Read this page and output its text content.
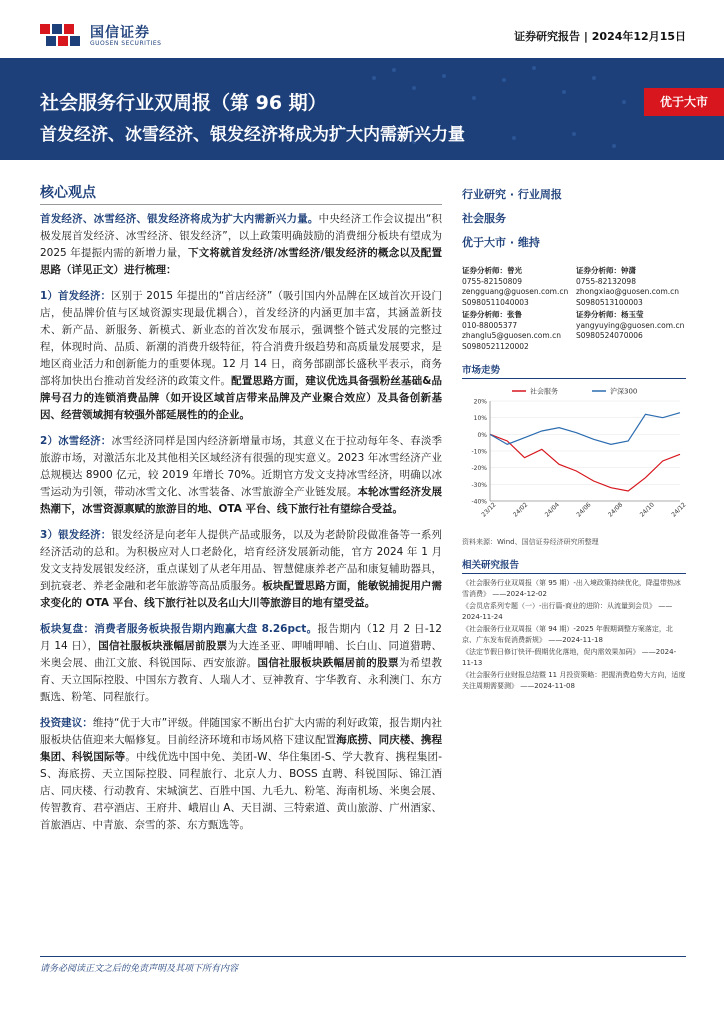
国信证券
GUOSEN SECURITIES
证券研究报告 | 2024年12月15日
社会服务行业双周报（第 96 期）
首发经济、冰雪经济、银发经济将成为扩大内需新兴力量
优于大市
核心观点

首发经济、冰雪经济、银发经济将成为扩大内需新兴力量。中央经济工作会议提出“积极发展首发经济、冰雪经济、银发经济”，以上政策明确鼓励的消费细分板块有望成为 2025 年提振内需的新增力量，下文将就首发经济/冰雪经济/银发经济的概念以及配置思路（详见正文）进行梳理：

1）首发经济：区别于 2015 年提出的“首店经济”（吸引国内外品牌在区域首次开设门店，使品牌价值与区域资源实现最优耦合），首发经济的内涵更加丰富，其涵盖新技术、新产品、新服务、新模式、新业态的首次发布展示，强调整个链式发展的完整过程，体现时尚、品质、新潮的消费升级特征，符合消费升级趋势和高质量发展要求，是地区商业活力和创新能力的重要体现。12 月 14 日，商务部副部长盛秋平表示，商务部将加快出台推动首发经济的政策文件。配置思路方面，建议优选具备强粉丝基础&品牌号召力的连锁消费品牌（如开设区域首店带来品牌及产业聚合效应）及具备创新基因、经营领域拥有较强外部延展性的的企业。

2）冰雪经济：冰雪经济同样是国内经济新增量市场，其意义在于拉动每年冬、春淡季旅游市场，对激活东北及其他相关区域经济有很强的现实意义。2023 年冰雪经济产业总规模达 8900 亿元，较 2019 年增长 70%。近期官方发文支持冰雪经济，明确以冰雪运动为引领，带动冰雪文化、冰雪装备、冰雪旅游全产业链发展。本轮冰雪经济发展热潮下，冰雪资源禀赋的旅游目的地、OTA 平台、线下旅行社有望综合受益。

3）银发经济：银发经济是向老年人提供产品或服务，以及为老龄阶段做准备等一系列经济活动的总和。为积极应对人口老龄化，培育经济发展新动能，官方 2024 年 1 月发文支持发展银发经济，重点谋划了从老年用品、智慧健康养老产品和康复辅助器具，到抗衰老、养老金融和老年旅游等高品质服务。板块配置思路方面，能敏锐捕捉用户需求变化的 OTA 平台、线下旅行社以及名山大川等旅游目的地有望受益。

板块复盘：消费者服务板块报告期内跑赢大盘 8.26pct。报告期内（12 月 2 日-12 月 14 日），国信社服板块涨幅居前股票为大连圣亚、呷哺呷哺、长白山、同道猎聘、米奥会展、曲江文旅、科锐国际、西安旅游。国信社服板块跌幅居前的股票为希望教育、天立国际控股、中国东方教育、人瑞人才、豆神教育、宇华教育、永利澳门、东方甄选、粉笔、同程旅行。

投资建议：维持“优于大市”评级。伴随国家不断出台扩大内需的利好政策，报告期内社服板块估值迎来大幅修复。目前经济环境和市场风格下建议配置海底捞、同庆楼、携程集团、科锐国际等。中线优选中国中免、美团-W、华住集团-S、学大教育、携程集团-S、海底捞、天立国际控股、同程旅行、北京人力、BOSS 直聘、科锐国际、锦江酒店、同庆楼、行动教育、宋城演艺、百胜中国、九毛九、粉笔、海南机场、米奥会展、传智教育、君亭酒店、王府井、峨眉山 A、天目湖、三特索道、黄山旅游、广州酒家、首旅酒店、中青旅、奈雪的茶、东方甄选等。

行业研究 · 行业周报
社会服务
优于大市 · 维持
证券分析师：曾光
0755-82150809
zengguang@guosen.com.cn
S0980511040003
证券分析师：钟潇
0755-82132098
zhongxiao@guosen.com.cn
S0980513100003
证券分析师：张鲁
010-88005377
zhanglu5@guosen.com.cn
S0980521120002
证券分析师：杨玉莹
yangyuying@guosen.com.cn
S0980524070006
市场走势
20%
10%
0%
-10%
-20%
-30%
-40%
23/12 24/02 24/04 24/06 24/08 24/10 24/12
社会服务	沪深300
资料来源：Wind、国信证券经济研究所整理
相关研究报告
《社会服务行业双周报（第 95 期）-出入境政策持续优化，降温带热冰雪消费》 ——2024-12-02
《会员店系列专题（一）-出行篇-商业的进阶：从流量到会员》 ——2024-11-24
《社会服务行业双周报（第 94 期）-2025 年假期调整方案落定，北京、广东发布促消费新规》 ——2024-11-18
《法定节假日修订快评-假期优化落地，促内需效果加码》 ——2024-11-13
《社会服务行业财报总结暨 11 月投资策略：把握消费趋势大方向，适度关注周期需要测》 ——2024-11-08
请务必阅读正文之后的免责声明及其项下所有内容
